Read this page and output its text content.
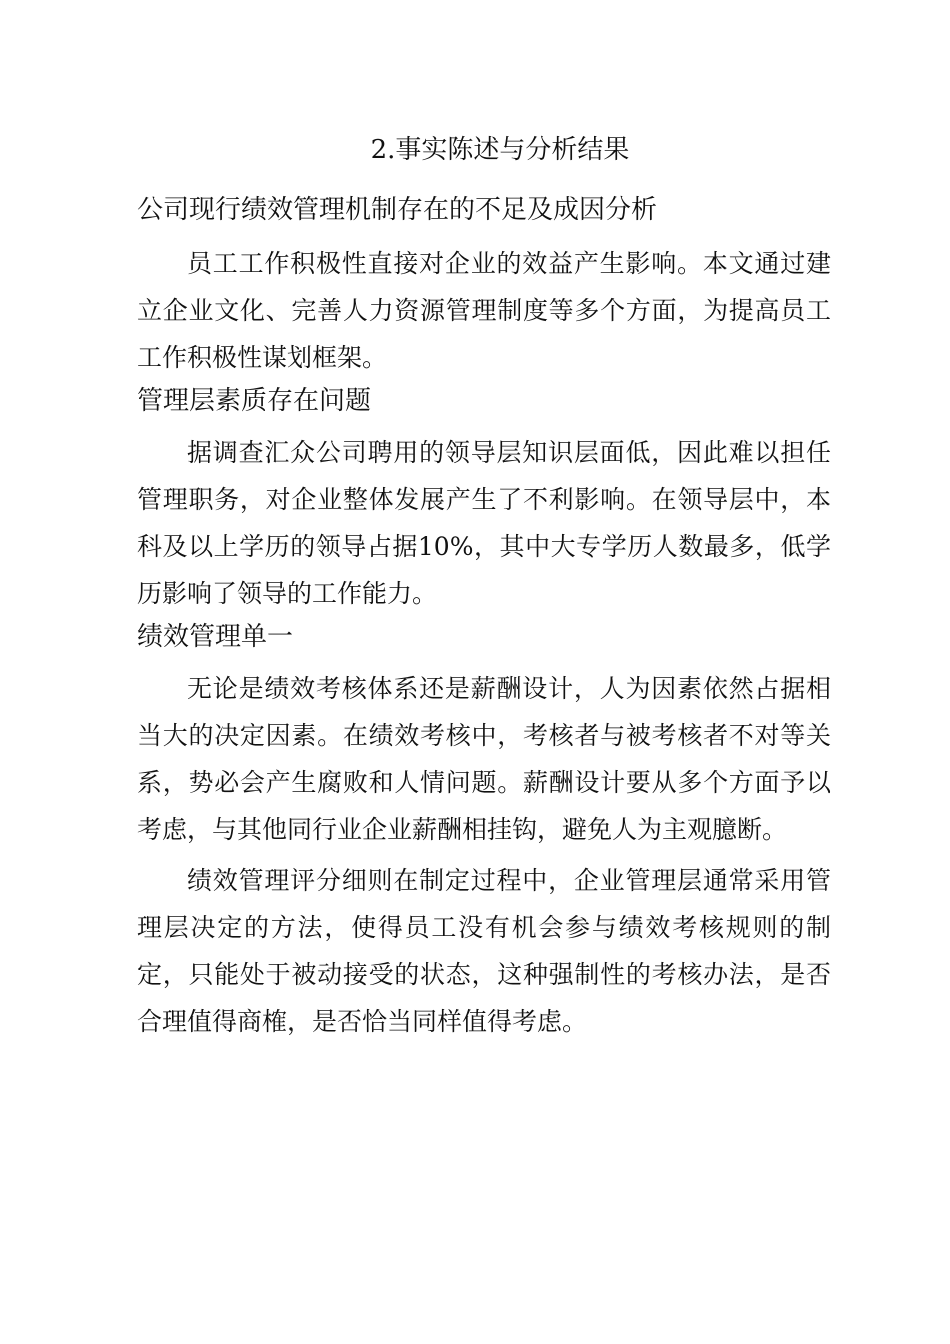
2.事实陈述与分析结果
公司现行绩效管理机制存在的不足及成因分析

员工工作积极性直接对企业的效益产生影响。本文通过建立企业文化、完善人力资源管理制度等多个方面，为提高员工工作积极性谋划框架。

管理层素质存在问题

据调查汇众公司聘用的领导层知识层面低，因此难以担任管理职务，对企业整体发展产生了不利影响。在领导层中，本科及以上学历的领导占据10%，其中大专学历人数最多，低学历影响了领导的工作能力。

绩效管理单一

无论是绩效考核体系还是薪酬设计，人为因素依然占据相当大的决定因素。在绩效考核中，考核者与被考核者不对等关系，势必会产生腐败和人情问题。薪酬设计要从多个方面予以考虑，与其他同行业企业薪酬相挂钩，避免人为主观臆断。

绩效管理评分细则在制定过程中，企业管理层通常采用管理层决定的方法，使得员工没有机会参与绩效考核规则的制定，只能处于被动接受的状态，这种强制性的考核办法，是否合理值得商榷，是否恰当同样值得考虑。
